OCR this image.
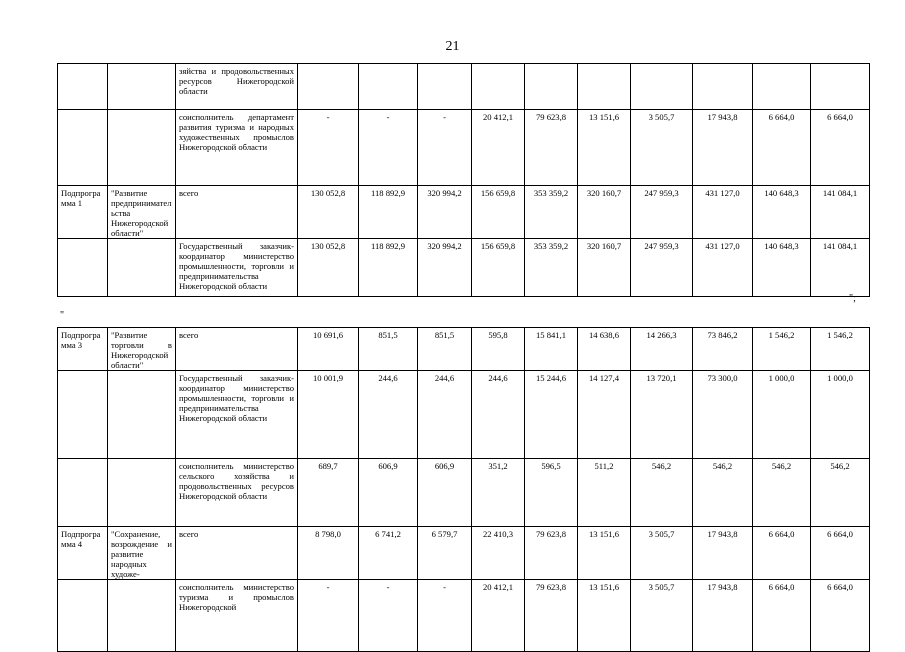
21
		зяйства и продовольственных ресурсов Нижегородской области										
		соисполнитель департамент развития туризма и народных художественных промыслов Нижегородской области	-	-	-	20 412,1	79 623,8	13 151,6	3 505,7	17 943,8	6 664,0	6 664,0
Подпрограмма 1	"Развитие предпринимательства Нижегородской области"	всего	130 052,8	118 892,9	320 994,2	156 659,8	353 359,2	320 160,7	247 959,3	431 127,0	140 648,3	141 084,1
		Государственный заказчик-координатор министерство промышленности, торговли и предпринимательства Нижегородской области	130 052,8	118 892,9	320 994,2	156 659,8	353 359,2	320 160,7	247 959,3	431 127,0	140 648,3	141 084,1
";
"
Подпрограмма 3	"Развитие торговли в Нижегородской области"	всего	10 691,6	851,5	851,5	595,8	15 841,1	14 638,6	14 266,3	73 846,2	1 546,2	1 546,2
		Государственный заказчик-координатор министерство промышленности, торговли и предпринимательства Нижегородской области	10 001,9	244,6	244,6	244,6	15 244,6	14 127,4	13 720,1	73 300,0	1 000,0	1 000,0
		соисполнитель министерство сельского хозяйства и продовольственных ресурсов Нижегородской области	689,7	606,9	606,9	351,2	596,5	511,2	546,2	546,2	546,2	546,2
Подпрограмма 4	"Сохранение, возрождение и развитие народных художе-	всего	8 798,0	6 741,2	6 579,7	22 410,3	79 623,8	13 151,6	3 505,7	17 943,8	6 664,0	6 664,0
		соисполнитель министерство туризма и промыслов Нижегородской	-	-	-	20 412,1	79 623,8	13 151,6	3 505,7	17 943,8	6 664,0	6 664,0
